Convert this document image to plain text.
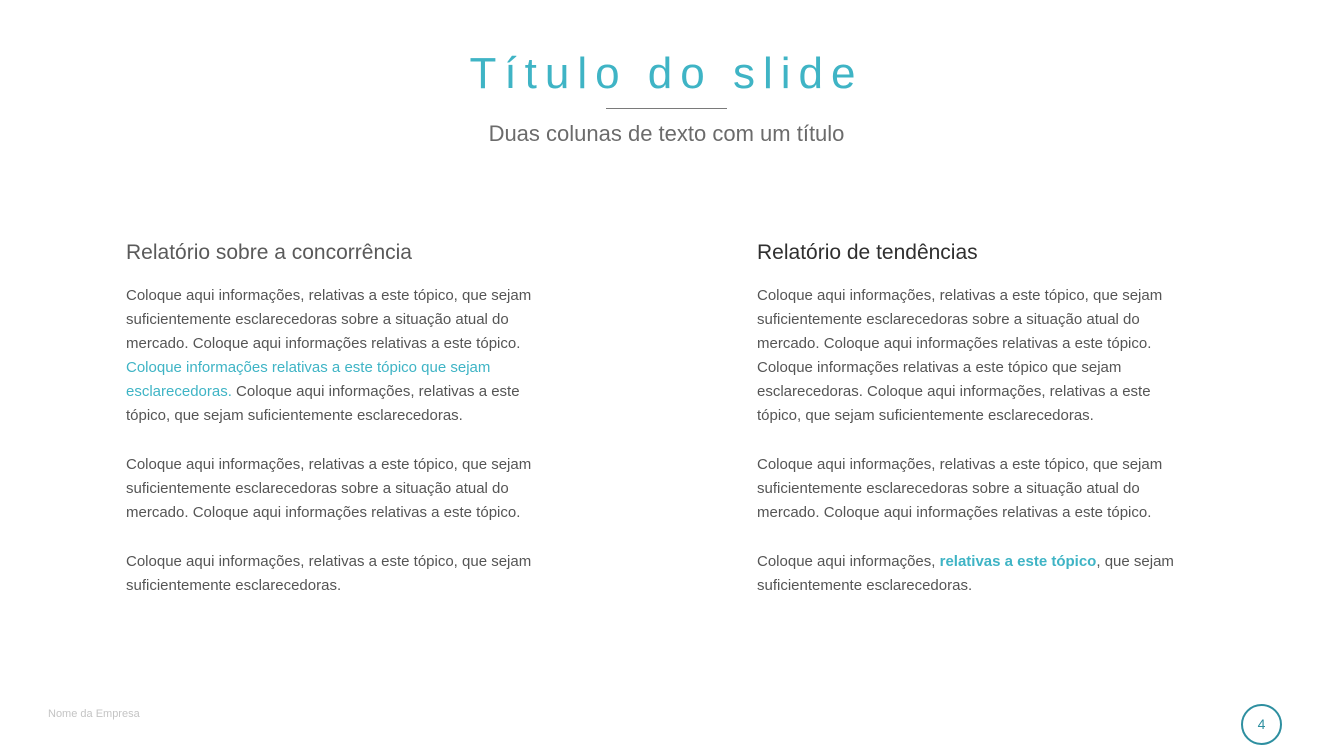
Título do slide
Duas colunas de texto com um título
Relatório sobre a concorrência

Coloque aqui informações, relativas a este tópico, que sejam suficientemente esclarecedoras sobre a situação atual do mercado. Coloque aqui informações relativas a este tópico. Coloque informações relativas a este tópico que sejam esclarecedoras. Coloque aqui informações, relativas a este tópico, que sejam suficientemente esclarecedoras.

Coloque aqui informações, relativas a este tópico, que sejam suficientemente esclarecedoras sobre a situação atual do mercado. Coloque aqui informações relativas a este tópico.

Coloque aqui informações, relativas a este tópico, que sejam suficientemente esclarecedoras.

Relatório de tendências

Coloque aqui informações, relativas a este tópico, que sejam suficientemente esclarecedoras sobre a situação atual do mercado. Coloque aqui informações relativas a este tópico. Coloque informações relativas a este tópico que sejam esclarecedoras. Coloque aqui informações, relativas a este tópico, que sejam suficientemente esclarecedoras.

Coloque aqui informações, relativas a este tópico, que sejam suficientemente esclarecedoras sobre a situação atual do mercado. Coloque aqui informações relativas a este tópico.

Coloque aqui informações, relativas a este tópico, que sejam suficientemente esclarecedoras.

Nome da Empresa
4
